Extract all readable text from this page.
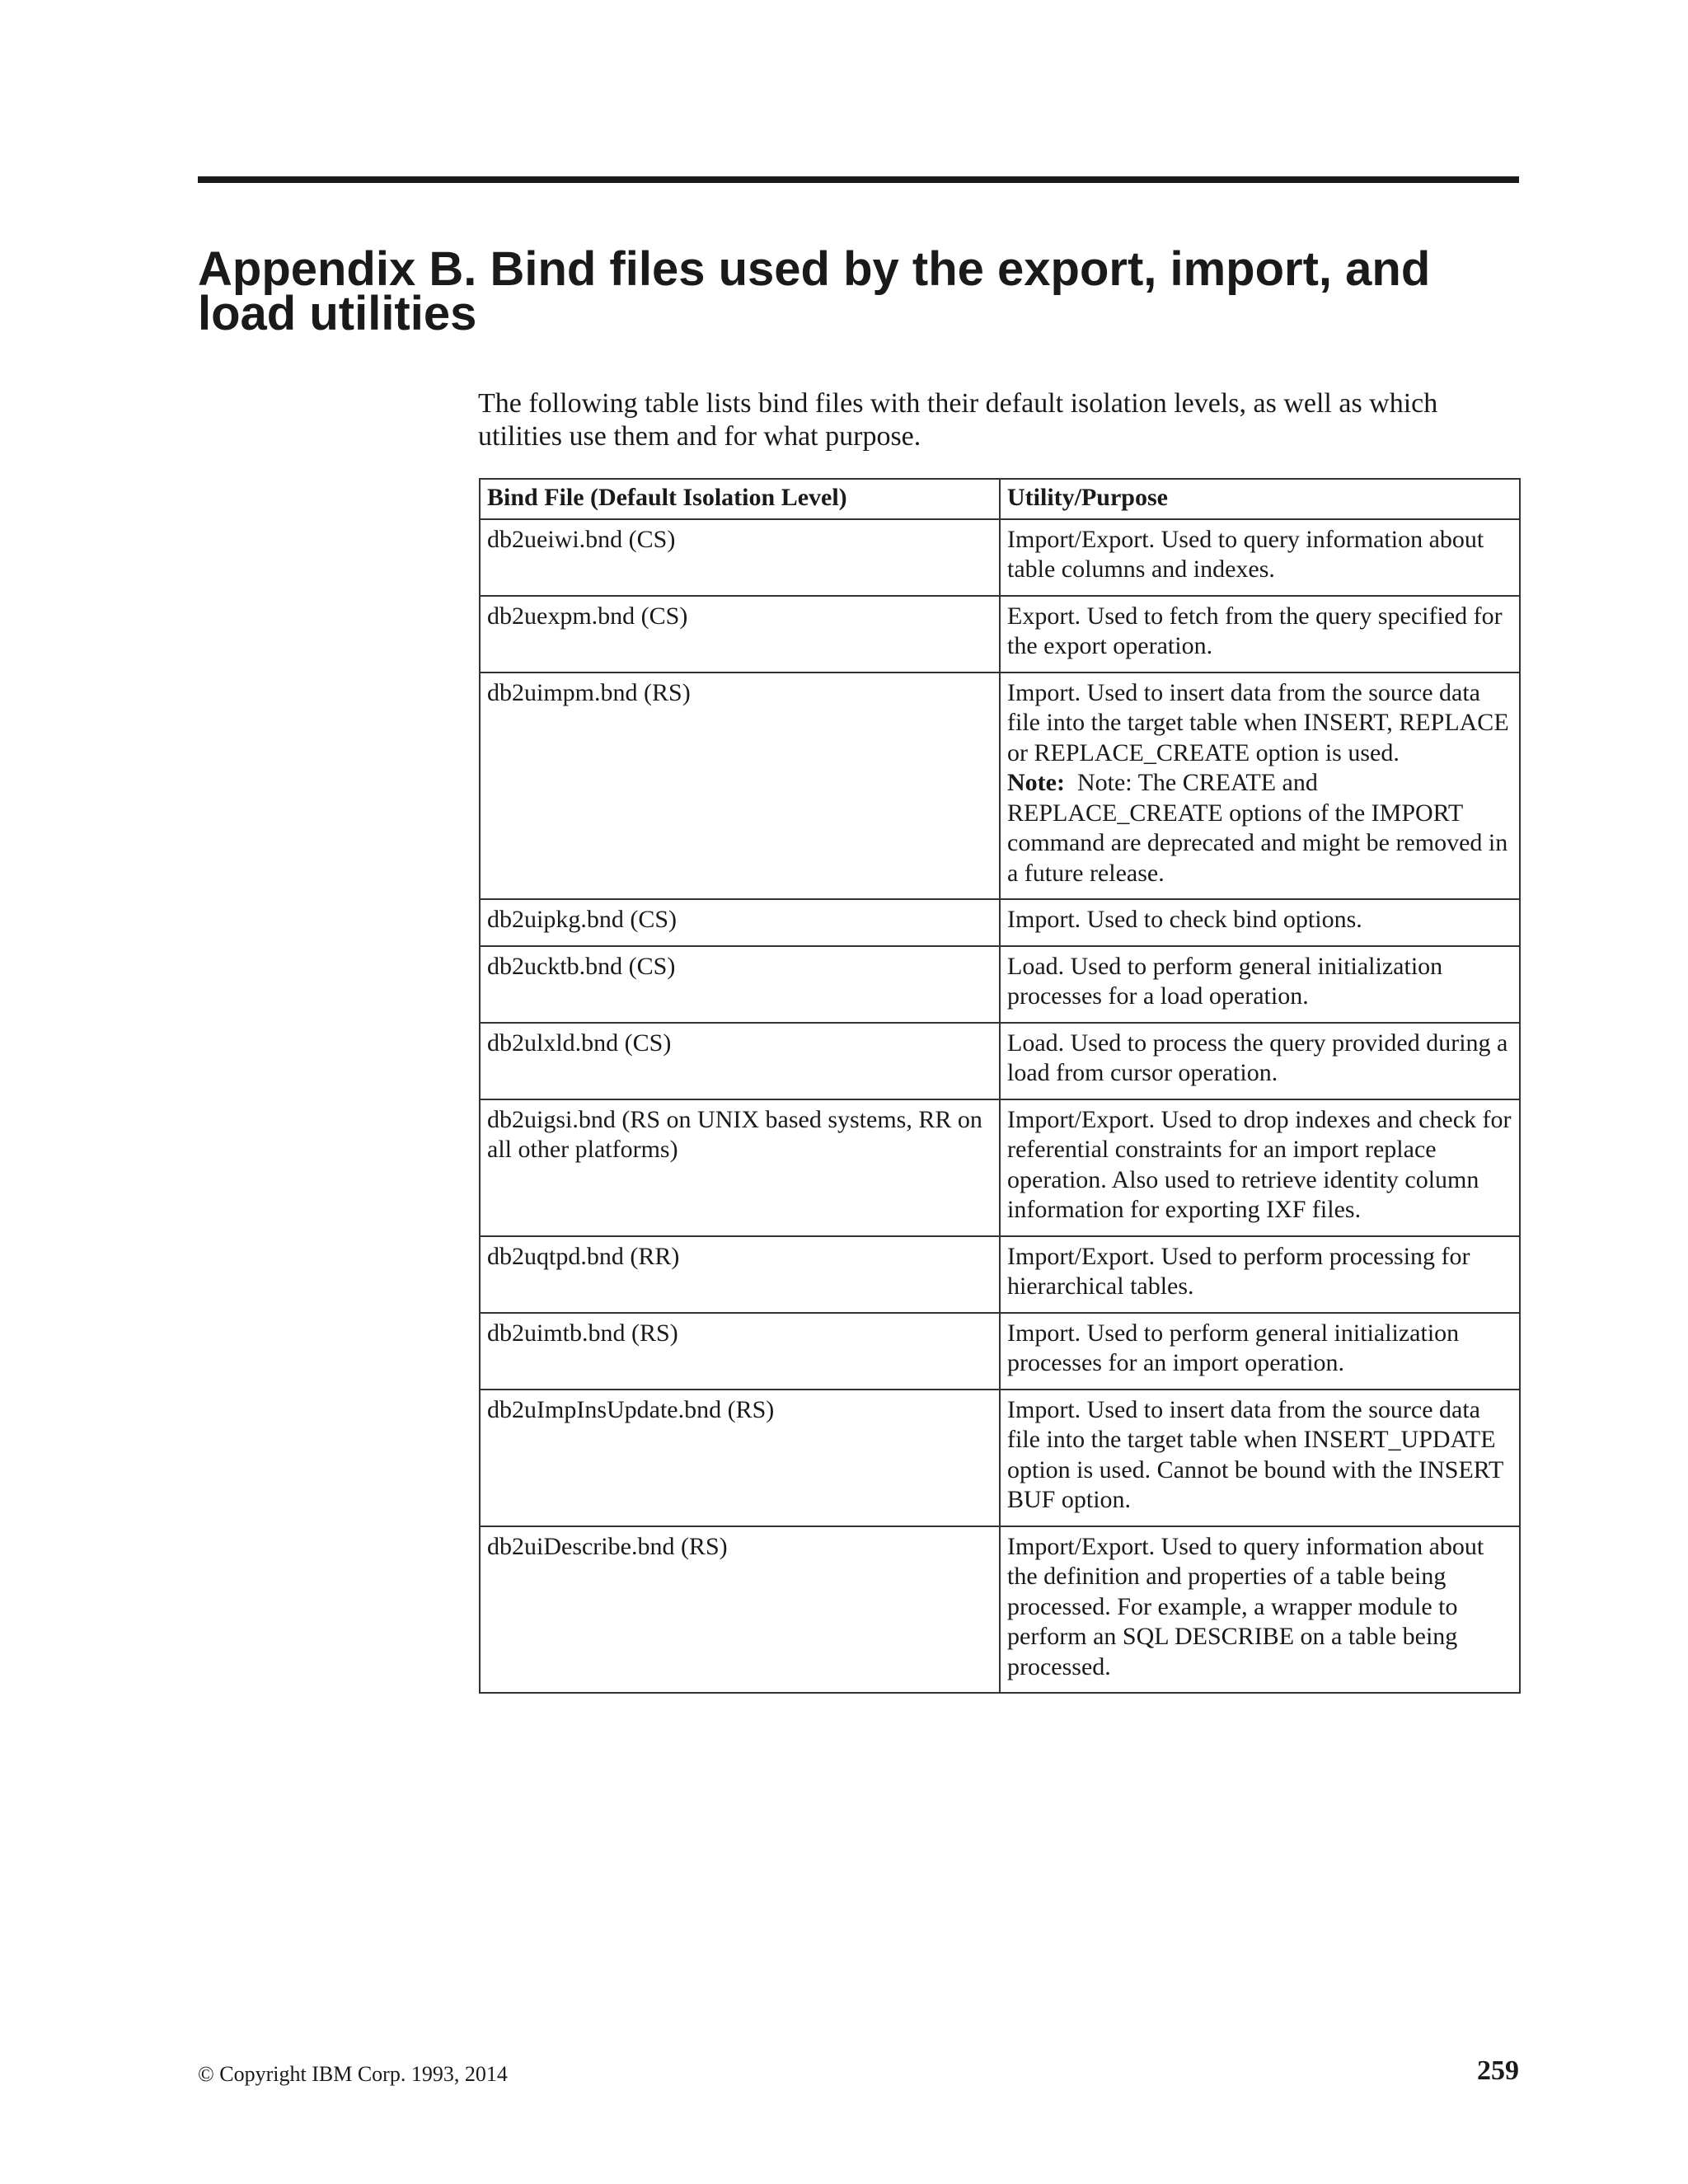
Appendix B. Bind files used by the export, import, and load utilities

The following table lists bind files with their default isolation levels, as well as which utilities use them and for what purpose.

Bind File (Default Isolation Level)	Utility/Purpose
db2ueiwi.bnd (CS)	Import/Export. Used to query information about table columns and indexes.
db2uexpm.bnd (CS)	Export. Used to fetch from the query specified for the export operation.
db2uimpm.bnd (RS)	Import. Used to insert data from the source data file into the target table when INSERT, REPLACE or REPLACE_CREATE option is used.
Note: Note: The CREATE and REPLACE_CREATE options of the IMPORT command are deprecated and might be removed in a future release.

db2uipkg.bnd (CS)	Import. Used to check bind options.
db2ucktb.bnd (CS)	Load. Used to perform general initialization processes for a load operation.
db2ulxld.bnd (CS)	Load. Used to process the query provided during a load from cursor operation.
db2uigsi.bnd (RS on UNIX based systems, RR on all other platforms)	Import/Export. Used to drop indexes and check for referential constraints for an import replace operation. Also used to retrieve identity column information for exporting IXF files.
db2uqtpd.bnd (RR)	Import/Export. Used to perform processing for hierarchical tables.
db2uimtb.bnd (RS)	Import. Used to perform general initialization processes for an import operation.
db2uImpInsUpdate.bnd (RS)	Import. Used to insert data from the source data file into the target table when INSERT_UPDATE option is used. Cannot be bound with the INSERT BUF option.
db2uiDescribe.bnd (RS)	Import/Export. Used to query information about the definition and properties of a table being processed. For example, a wrapper module to perform an SQL DESCRIBE on a table being processed.
© Copyright IBM Corp. 1993, 2014	259
